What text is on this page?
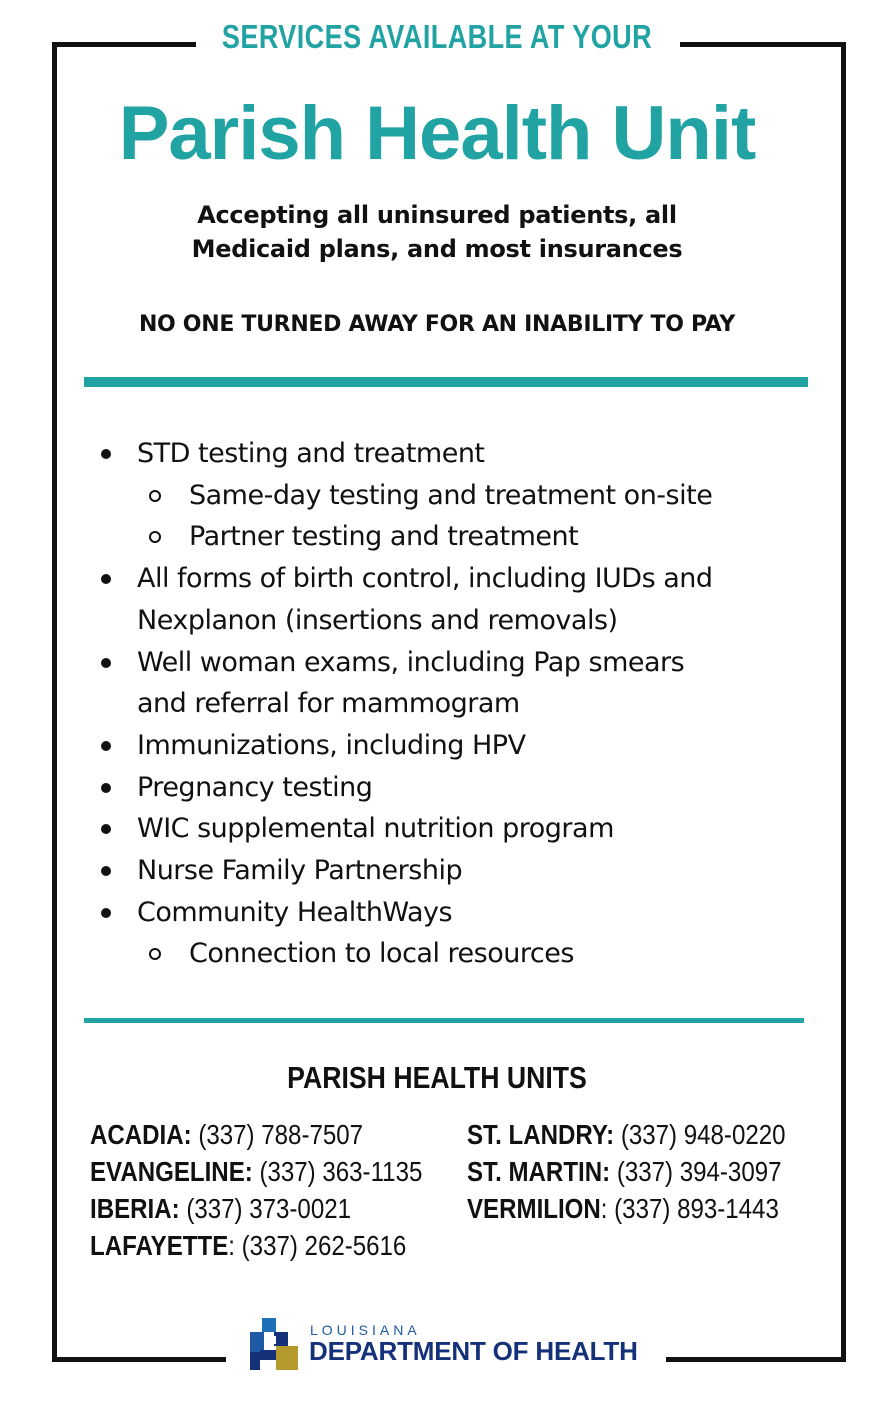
SERVICES AVAILABLE AT YOUR
Parish Health Unit
Accepting all uninsured patients, all
Medicaid plans, and most insurances
NO ONE TURNED AWAY FOR AN INABILITY TO PAY
STD testing and treatment
Same-day testing and treatment on-site
Partner testing and treatment
All forms of birth control, including IUDs and
Nexplanon (insertions and removals)
Well woman exams, including Pap smears
and referral for mammogram
Immunizations, including HPV
Pregnancy testing
WIC supplemental nutrition program
Nurse Family Partnership
Community HealthWays
Connection to local resources
PARISH HEALTH UNITS
ACADIA: (337) 788-7507
EVANGELINE: (337) 363-1135
IBERIA: (337) 373-0021
LAFAYETTE: (337) 262-5616
ST. LANDRY: (337) 948-0220
ST. MARTIN: (337) 394-3097
VERMILION: (337) 893-1443
LOUISIANA
DEPARTMENT OF HEALTH
